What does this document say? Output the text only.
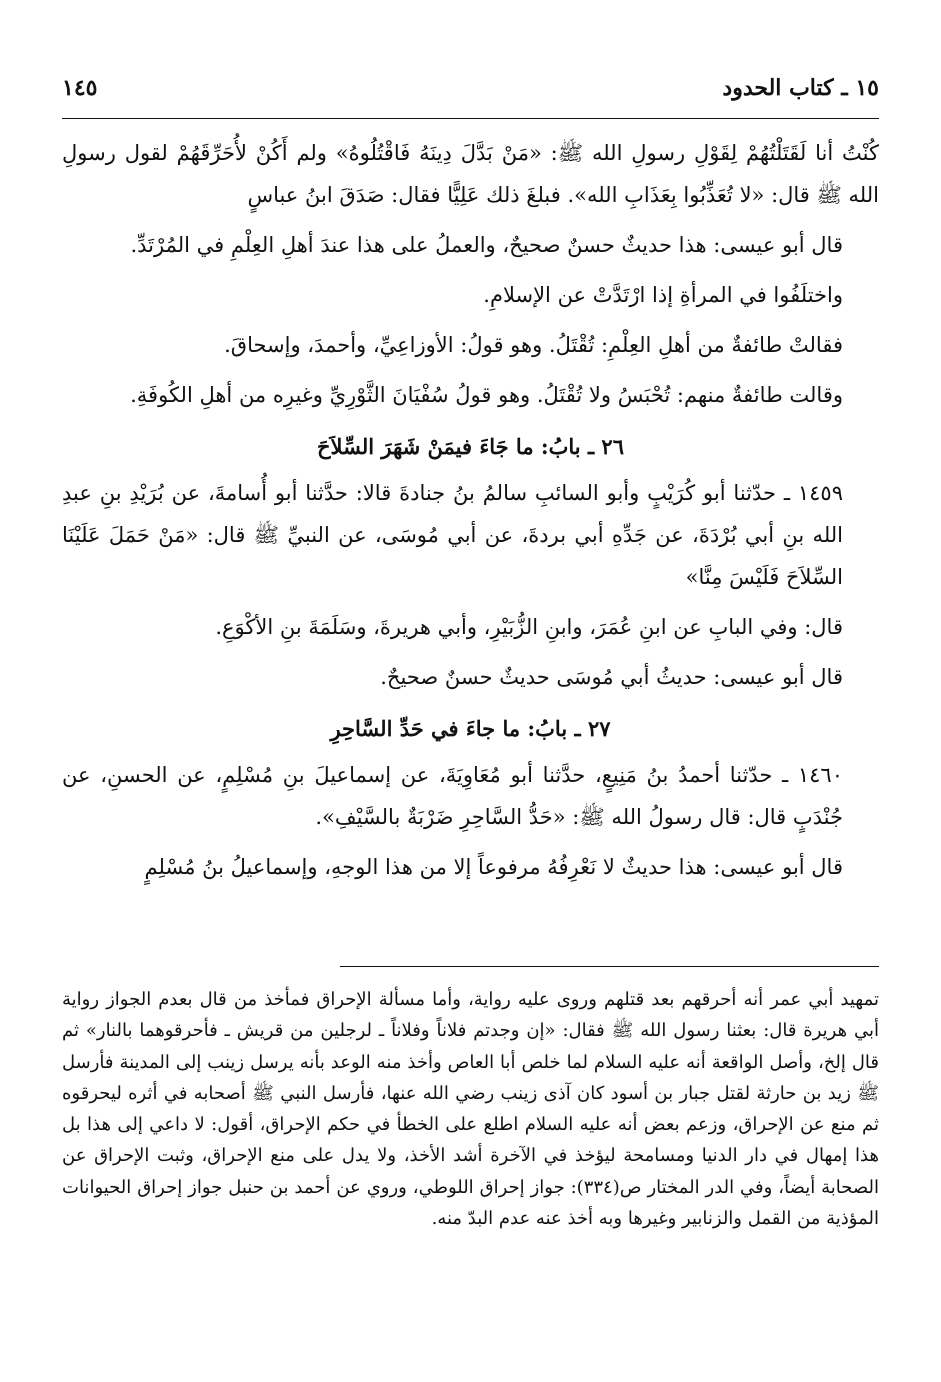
١٥ ـ كتاب الحدود
١٤٥

كُنْتُ أنا لَقَتَلْتُهُمْ لِقَوْلِ رسولِ الله ﷺ: «مَنْ بَدَّلَ دِينَهُ فَاقْتُلُوهُ» ولم أَكُنْ لأُحَرِّقَهُمْ لقول رسولِ الله ﷺ قال: «لا تُعَذِّبُوا بِعَذَابِ الله». فبلغَ ذلك عَلِيًّا فقال: صَدَقَ ابنُ عباسٍ

قال أبو عيسى: هذا حديثٌ حسنٌ صحيحٌ، والعملُ على هذا عندَ أهلِ العِلْمِ في المُرْتَدِّ.

واختلَفُوا في المرأةِ إذا ارْتَدَّتْ عن الإسلامِ.

فقالتْ طائفةٌ من أهلِ العِلْمِ: تُقْتَلُ. وهو قولُ: الأوزاعِيِّ، وأحمدَ، وإسحاقَ.

وقالت طائفةٌ منهم: تُحْبَسُ ولا تُقْتَلُ. وهو قولُ سُفْيَانَ الثَّوْرِيِّ وغيرِه من أهلِ الكُوفَةِ.

٢٦ ـ بابُ: ما جَاءَ فيمَنْ شَهَرَ السِّلاَحَ

١٤٥٩ ـ حدّثنا أبو كُرَيْبٍ وأبو السائبِ سالمُ بنُ جنادةَ قالا: حدَّثنا أبو أُسامةَ، عن بُرَيْدِ بنِ عبدِ الله بنِ أبي بُرْدَةَ، عن جَدِّهِ أبي بردةَ، عن أبي مُوسَى، عن النبيِّ ﷺ قال: «مَنْ حَمَلَ عَلَيْنَا السِّلاَحَ فَلَيْسَ مِنَّا»

قال: وفي البابِ عن ابنِ عُمَرَ، وابنِ الزُّبَيْرِ، وأبي هريرةَ، وسَلَمَةَ بنِ الأكْوَعِ.

قال أبو عيسى: حديثُ أبي مُوسَى حديثٌ حسنٌ صحيحٌ.

٢٧ ـ بابُ: ما جاءَ في حَدِّ السَّاحِرِ

١٤٦٠ ـ حدّثنا أحمدُ بنُ مَنِيعٍ، حدَّثنا أبو مُعَاوِيَةَ، عن إسماعيلَ بنِ مُسْلِمٍ، عن الحسنِ، عن جُنْدَبٍ قال: قال رسولُ الله ﷺ: «حَدُّ السَّاحِرِ ضَرْبَةٌ بالسَّيْفِ».

قال أبو عيسى: هذا حديثٌ لا نَعْرِفُهُ مرفوعاً إلا من هذا الوجهِ، وإسماعيلُ بنُ مُسْلِمٍ

تمهيد أبي عمر أنه أحرقهم بعد قتلهم وروى عليه رواية، وأما مسألة الإحراق فمأخذ من قال بعدم الجواز رواية أبي هريرة قال: بعثنا رسول الله ﷺ فقال: «إن وجدتم فلاناً وفلاناً ـ لرجلين من قريش ـ فأحرقوهما بالنار» ثم قال إلخ، وأصل الواقعة أنه عليه السلام لما خلص أبا العاص وأخذ منه الوعد بأنه يرسل زينب إلى المدينة فأرسل ﷺ زيد بن حارثة لقتل جبار بن أسود كان آذى زينب رضي الله عنها، فأرسل النبي ﷺ أصحابه في أثره ليحرقوه ثم منع عن الإحراق، وزعم بعض أنه عليه السلام اطلع على الخطأ في حكم الإحراق، أقول: لا داعي إلى هذا بل هذا إمهال في دار الدنيا ومسامحة ليؤخذ في الآخرة أشد الأخذ، ولا يدل على منع الإحراق، وثبت الإحراق عن الصحابة أيضاً، وفي الدر المختار ص(٣٣٤): جواز إحراق اللوطي، وروي عن أحمد بن حنبل جواز إحراق الحيوانات المؤذية من القمل والزنابير وغيرها وبه أخذ عنه عدم البدّ منه.
